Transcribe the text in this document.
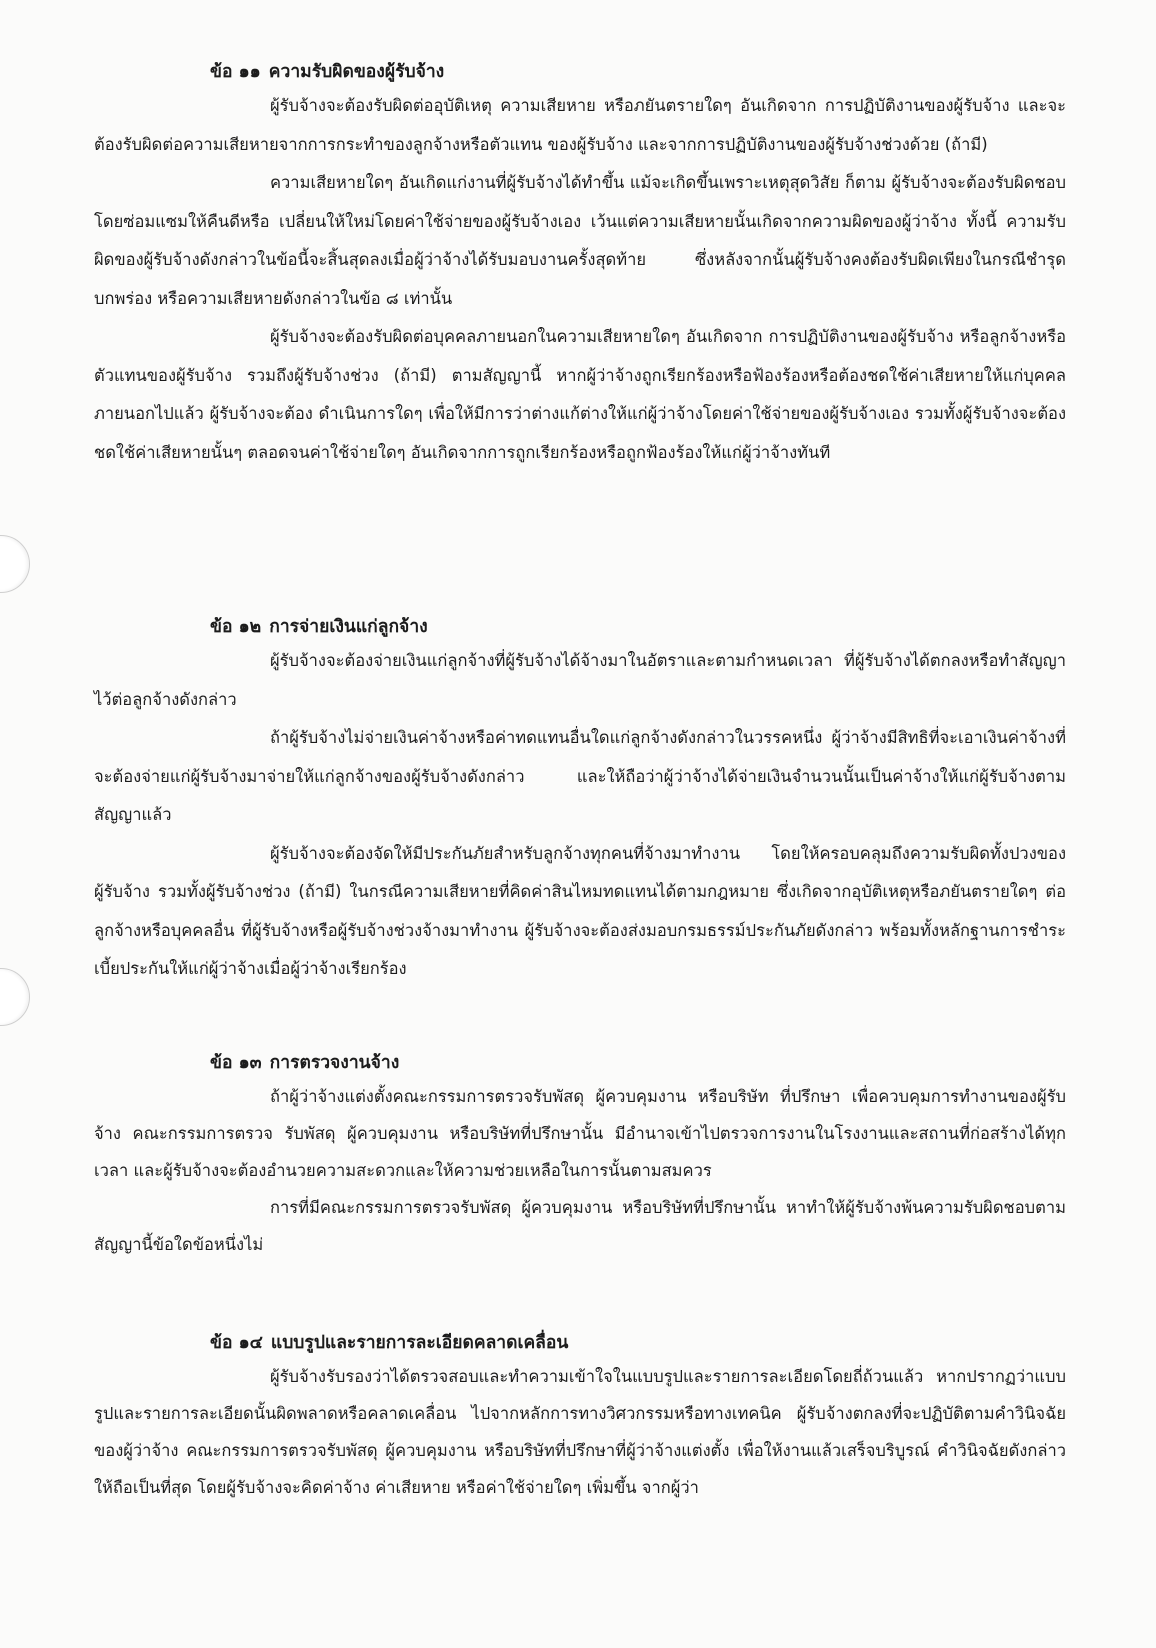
ข้อ ๑๑ ความรับผิดของผู้รับจ้าง

ผู้รับจ้างจะต้องรับผิดต่ออุบัติเหตุ ความเสียหาย หรือภยันตรายใดๆ อันเกิดจาก การปฏิบัติงานของผู้รับจ้าง และจะต้องรับผิดต่อความเสียหายจากการกระทำของลูกจ้างหรือตัวแทน ของผู้รับจ้าง และจากการปฏิบัติงานของผู้รับจ้างช่วงด้วย (ถ้ามี)

ความเสียหายใดๆ อันเกิดแก่งานที่ผู้รับจ้างได้ทำขึ้น แม้จะเกิดขึ้นเพราะเหตุสุดวิสัย ก็ตาม ผู้รับจ้างจะต้องรับผิดชอบโดยซ่อมแซมให้คืนดีหรือ เปลี่ยนให้ใหม่โดยค่าใช้จ่ายของผู้รับจ้างเอง เว้นแต่ความเสียหายนั้นเกิดจากความผิดของผู้ว่าจ้าง ทั้งนี้ ความรับผิดของผู้รับจ้างดังกล่าวในข้อนี้จะสิ้นสุดลงเมื่อผู้ว่าจ้างได้รับมอบงานครั้งสุดท้าย ซึ่งหลังจากนั้นผู้รับจ้างคงต้องรับผิดเพียงในกรณีชำรุดบกพร่อง หรือความเสียหายดังกล่าวในข้อ ๘ เท่านั้น

ผู้รับจ้างจะต้องรับผิดต่อบุคคลภายนอกในความเสียหายใดๆ อันเกิดจาก การปฏิบัติงานของผู้รับจ้าง หรือลูกจ้างหรือตัวแทนของผู้รับจ้าง รวมถึงผู้รับจ้างช่วง (ถ้ามี) ตามสัญญานี้ หากผู้ว่าจ้างถูกเรียกร้องหรือฟ้องร้องหรือต้องชดใช้ค่าเสียหายให้แก่บุคคลภายนอกไปแล้ว ผู้รับจ้างจะต้อง ดำเนินการใดๆ เพื่อให้มีการว่าต่างแก้ต่างให้แก่ผู้ว่าจ้างโดยค่าใช้จ่ายของผู้รับจ้างเอง รวมทั้งผู้รับจ้างจะต้องชดใช้ค่าเสียหายนั้นๆ ตลอดจนค่าใช้จ่ายใดๆ อันเกิดจากการถูกเรียกร้องหรือถูกฟ้องร้องให้แก่ผู้ว่าจ้างทันที

ข้อ ๑๒ การจ่ายเงินแก่ลูกจ้าง

ผู้รับจ้างจะต้องจ่ายเงินแก่ลูกจ้างที่ผู้รับจ้างได้จ้างมาในอัตราและตามกำหนดเวลา ที่ผู้รับจ้างได้ตกลงหรือทำสัญญาไว้ต่อลูกจ้างดังกล่าว

ถ้าผู้รับจ้างไม่จ่ายเงินค่าจ้างหรือค่าทดแทนอื่นใดแก่ลูกจ้างดังกล่าวในวรรคหนึ่ง ผู้ว่าจ้างมีสิทธิที่จะเอาเงินค่าจ้างที่จะต้องจ่ายแก่ผู้รับจ้างมาจ่ายให้แก่ลูกจ้างของผู้รับจ้างดังกล่าว และให้ถือว่าผู้ว่าจ้างได้จ่ายเงินจำนวนนั้นเป็นค่าจ้างให้แก่ผู้รับจ้างตามสัญญาแล้ว

ผู้รับจ้างจะต้องจัดให้มีประกันภัยสำหรับลูกจ้างทุกคนที่จ้างมาทำงาน โดยให้ครอบคลุมถึงความรับผิดทั้งปวงของผู้รับจ้าง รวมทั้งผู้รับจ้างช่วง (ถ้ามี) ในกรณีความเสียหายที่คิดค่าสินไหมทดแทนได้ตามกฎหมาย ซึ่งเกิดจากอุบัติเหตุหรือภยันตรายใดๆ ต่อลูกจ้างหรือบุคคลอื่น ที่ผู้รับจ้างหรือผู้รับจ้างช่วงจ้างมาทำงาน ผู้รับจ้างจะต้องส่งมอบกรมธรรม์ประกันภัยดังกล่าว พร้อมทั้งหลักฐานการชำระเบี้ยประกันให้แก่ผู้ว่าจ้างเมื่อผู้ว่าจ้างเรียกร้อง

ข้อ ๑๓ การตรวจงานจ้าง

ถ้าผู้ว่าจ้างแต่งตั้งคณะกรรมการตรวจรับพัสดุ ผู้ควบคุมงาน หรือบริษัท ที่ปรึกษา เพื่อควบคุมการทำงานของผู้รับจ้าง คณะกรรมการตรวจ รับพัสดุ ผู้ควบคุมงาน หรือบริษัทที่ปรึกษานั้น มีอำนาจเข้าไปตรวจการงานในโรงงานและสถานที่ก่อสร้างได้ทุกเวลา และผู้รับจ้างจะต้องอำนวยความสะดวกและให้ความช่วยเหลือในการนั้นตามสมควร

การที่มีคณะกรรมการตรวจรับพัสดุ ผู้ควบคุมงาน หรือบริษัทที่ปรึกษานั้น หาทำให้ผู้รับจ้างพ้นความรับผิดชอบตามสัญญานี้ข้อใดข้อหนึ่งไม่

ข้อ ๑๔ แบบรูปและรายการละเอียดคลาดเคลื่อน

ผู้รับจ้างรับรองว่าได้ตรวจสอบและทำความเข้าใจในแบบรูปและรายการละเอียดโดยถี่ถ้วนแล้ว หากปรากฏว่าแบบรูปและรายการละเอียดนั้นผิดพลาดหรือคลาดเคลื่อน ไปจากหลักการทางวิศวกรรมหรือทางเทคนิค ผู้รับจ้างตกลงที่จะปฏิบัติตามคำวินิจฉัยของผู้ว่าจ้าง คณะกรรมการตรวจรับพัสดุ ผู้ควบคุมงาน หรือบริษัทที่ปรึกษาที่ผู้ว่าจ้างแต่งตั้ง เพื่อให้งานแล้วเสร็จบริบูรณ์ คำวินิจฉัยดังกล่าวให้ถือเป็นที่สุด โดยผู้รับจ้างจะคิดค่าจ้าง ค่าเสียหาย หรือค่าใช้จ่ายใดๆ เพิ่มขึ้น จากผู้ว่า
